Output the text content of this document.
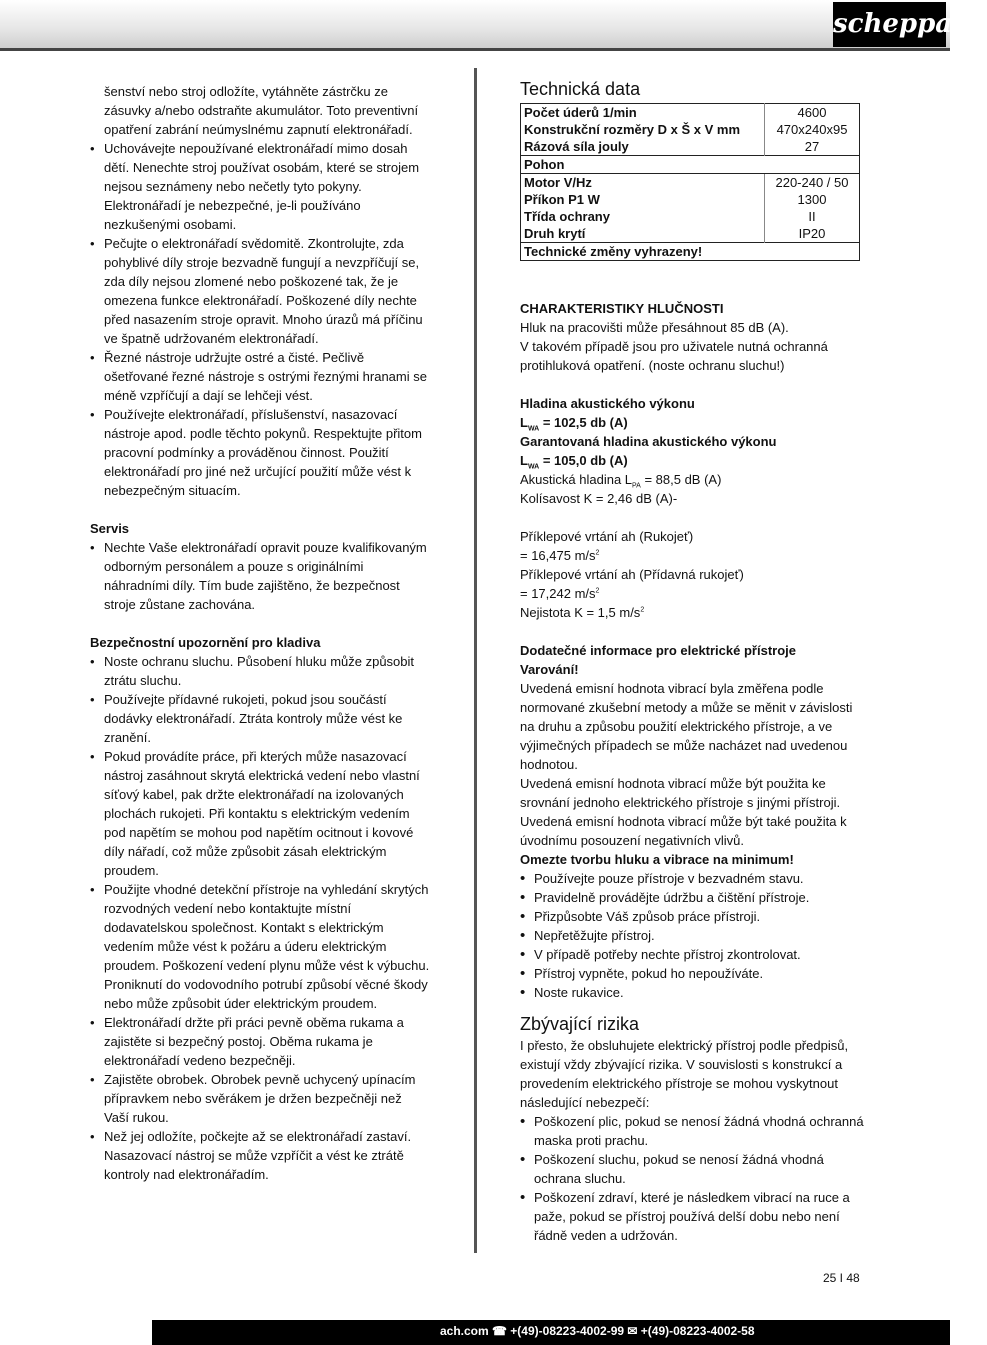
scheppach

šenství nebo stroj odložíte, vytáhněte zástrčku ze zásuvky a/nebo odstraňte akumulátor. Toto preventivní opatření zabrání neúmyslnému zapnutí elektronářadí.

• Uchovávejte nepoužívané elektronářadí mimo dosah dětí. Nenechte stroj používat osobám, které se strojem nejsou seznámeny nebo nečetly tyto pokyny. Elektronářadí je nebezpečné, je-li používáno nezkušenými osobami.

• Pečujte o elektronářadí svědomitě. Zkontrolujte, zda pohyblivé díly stroje bezvadně fungují a nevzpříčují se, zda díly nejsou zlomené nebo poškozené tak, že je omezena funkce elektronářadí. Poškozené díly nechte před nasazením stroje opravit. Mnoho úrazů má příčinu ve špatně udržovaném elektronářadí.

• Řezné nástroje udržujte ostré a čisté. Pečlivě ošetřované řezné nástroje s ostrými řeznými hranami se méně vzpříčují a dají se lehčeji vést.

• Používejte elektronářadí, příslušenství, nasazovací nástroje apod. podle těchto pokynů. Respektujte přitom pracovní podmínky a prováděnou činnost. Použití elektronářadí pro jiné než určující použití může vést k nebezpečným situacím.

Servis

• Nechte Vaše elektronářadí opravit pouze kvalifikovaným odborným personálem a pouze s originálními náhradními díly. Tím bude zajištěno, že bezpečnost stroje zůstane zachována.

Bezpečnostní upozornění pro kladiva

• Noste ochranu sluchu. Působení hluku může způsobit ztrátu sluchu.

• Používejte přídavné rukojeti, pokud jsou součástí dodávky elektronářadí. Ztráta kontroly může vést ke zranění.

• Pokud provádíte práce, při kterých může nasazovací nástroj zasáhnout skrytá elektrická vedení nebo vlastní síťový kabel, pak držte elektronářadí na izolovaných plochách rukojeti. Při kontaktu s elektrickým vedením pod napětím se mohou pod napětím ocitnout i kovové díly nářadí, což může způsobit zásah elektrickým proudem.

• Použijte vhodné detekční přístroje na vyhledání skrytých rozvodných vedení nebo kontaktujte místní dodavatelskou společnost. Kontakt s elektrickým vedením může vést k požáru a úderu elektrickým proudem. Poškození vedení plynu může vést k výbuchu. Proniknutí do vodovodního potrubí způsobí věcné škody nebo může způsobit úder elektrickým proudem.

• Elektronářadí držte při práci pevně oběma rukama a zajistěte si bezpečný postoj. Oběma rukama je elektronářadí vedeno bezpečněji.

• Zajistěte obrobek. Obrobek pevně uchycený upínacím přípravkem nebo svěrákem je držen bezpečněji než Vaší rukou.

• Než jej odložíte, počkejte až se elektronářadí zastaví. Nasazovací nástroj se může vzpříčit a vést ke ztrátě kontroly nad elektronářadím.

Technická data
Počet úderů 1/min	4600
Konstrukční rozměry D x Š x V mm	470x240x95
Rázová síla jouly	27
Pohon	
Motor V/Hz	220-240 / 50
Příkon P1 W	1300
Třída ochrany	II
Druh krytí	IP20
Technické změny vyhrazeny!	
CHARAKTERISTIKY HLUČNOSTI

Hluk na pracovišti může přesáhnout 85 dB (A).

V takovém případě jsou pro uživatele nutná ochranná protihluková opatření. (noste ochranu sluchu!)

Hladina akustického výkonu

$L_{WA} = 102,5$ db (A)

Garantovaná hladina akustického výkonu

$L_{WA} = 105,0$ db (A)

Akustická hladina $L_{PA} = 88,5$ dB (A)

Kolísavost K = 2,46 dB (A)-

Příklepové vrtání ah (Rukojeť)

= 16,475 $m/s^2$

Příklepové vrtání ah (Přídavná rukojeť)

= 17,242 $m/s^2$

Nejistota K = 1,5 $m/s^2$

Dodatečné informace pro elektrické přístroje
Varování!

Uvedená emisní hodnota vibrací byla změřena podle normované zkušební metody a může se měnit v závislosti na druhu a způsobu použití elektrického přístroje, a ve výjimečných případech se může nacházet nad uvedenou hodnotou.

Uvedená emisní hodnota vibrací může být použita ke srovnání jednoho elektrického přístroje s jinými přístroji. Uvedená emisní hodnota vibrací může být také použita k úvodnímu posouzení negativních vlivů.

Omezte tvorbu hluku a vibrace na minimum!

• Používejte pouze přístroje v bezvadném stavu.

• Pravidelně provádějte údržbu a čištění přístroje.

• Přizpůsobte Váš způsob práce přístroji.

• Nepřetěžujte přístroj.

• V případě potřeby nechte přístroj zkontrolovat.

• Přístroj vypněte, pokud ho nepoužíváte.

• Noste rukavice.

Zbývající rizika

I přesto, že obsluhujete elektrický přístroj podle předpisů, existují vždy zbývající rizika. V souvislosti s konstrukcí a provedením elektrického přístroje se mohou vyskytnout následující nebezpečí:

• Poškození plic, pokud se nenosí žádná vhodná ochranná maska proti prachu.

• Poškození sluchu, pokud se nenosí žádná vhodná ochrana sluchu.

• Poškození zdraví, které je následkem vibrací na ruce a paže, pokud se přístroj používá delší dobu nebo není řádně veden a udržován.

25 I 48
ach.com ☎ +(49)-08223-4002-99 ✉ +(49)-08223-4002-58
